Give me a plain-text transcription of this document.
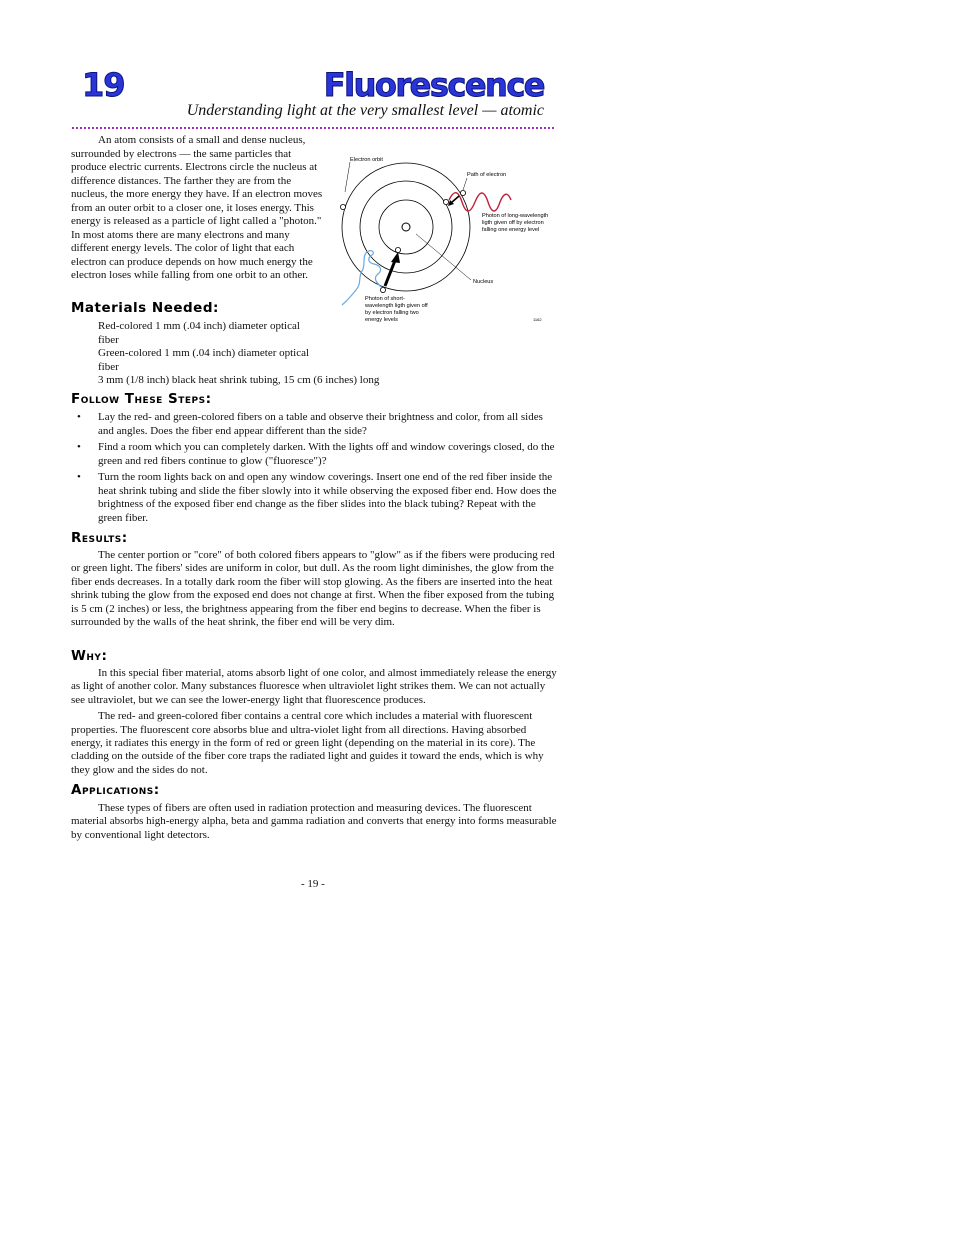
19	Fluorescence
Understanding light at the very smallest level — atomic

An atom consists of a small and dense nucleus, surrounded by electrons — the same particles that produce electric currents. Electrons circle the nucleus at difference distances. The farther they are from the nucleus, the more energy they have. If an electron moves from an outer orbit to a closer one, it loses energy. This energy is released as a particle of light called a "photon." In most atoms there are many electrons and many different energy levels. The color of light that each electron can produce depends on how much energy the electron loses while falling from one orbit to an other.

Electron orbit
Path of electron
Photon of long-wavelength
ligth given off by electron
falling one energy level
Nucleus
Photon of short-
wavelength ligth given off
by electron falling two
energy levels	1162
Materials Needed:
Red-colored 1 mm (.04 inch) diameter optical fiber
Green-colored 1 mm (.04 inch) diameter optical fiber
3 mm (1/8 inch) black heat shrink tubing, 15 cm (6 inches) long
Follow These Steps:
• Lay the red- and green-colored fibers on a table and observe their brightness and color, from all sides and angles. Does the fiber end appear different than the side?
• Find a room which you can completely darken. With the lights off and window coverings closed, do the green and red fibers continue to glow ("fluoresce")?
• Turn the room lights back on and open any window coverings. Insert one end of the red fiber inside the heat shrink tubing and slide the fiber slowly into it while observing the exposed fiber end. How does the brightness of the exposed fiber end change as the fiber slides into the black tubing? Repeat with the green fiber.
Results:

The center portion or "core" of both colored fibers appears to "glow" as if the fibers were producing red or green light. The fibers' sides are uniform in color, but dull. As the room light diminishes, the glow from the fiber ends decreases. In a totally dark room the fiber will stop glowing. As the fibers are inserted into the heat shrink tubing the glow from the exposed end does not change at first. When the fiber exposed from the tubing is 5 cm (2 inches) or less, the brightness appearing from the fiber end begins to decrease. When the fiber is surrounded by the walls of the heat shrink, the fiber end will be very dim.

Why:

In this special fiber material, atoms absorb light of one color, and almost immediately release the energy as light of another color. Many substances fluoresce when ultraviolet light strikes them. We can not actually see ultraviolet, but we can see the lower-energy light that fluorescence produces.

The red- and green-colored fiber contains a central core which includes a material with fluorescent properties. The fluorescent core absorbs blue and ultra-violet light from all directions. Having absorbed energy, it radiates this energy in the form of red or green light (depending on the material in its core). The cladding on the outside of the fiber core traps the radiated light and guides it toward the ends, which is why they glow and the sides do not.

Applications:

These types of fibers are often used in radiation protection and measuring devices. The fluorescent material absorbs high-energy alpha, beta and gamma radiation and converts that energy into forms measurable by conventional light detectors.

- 19 -
